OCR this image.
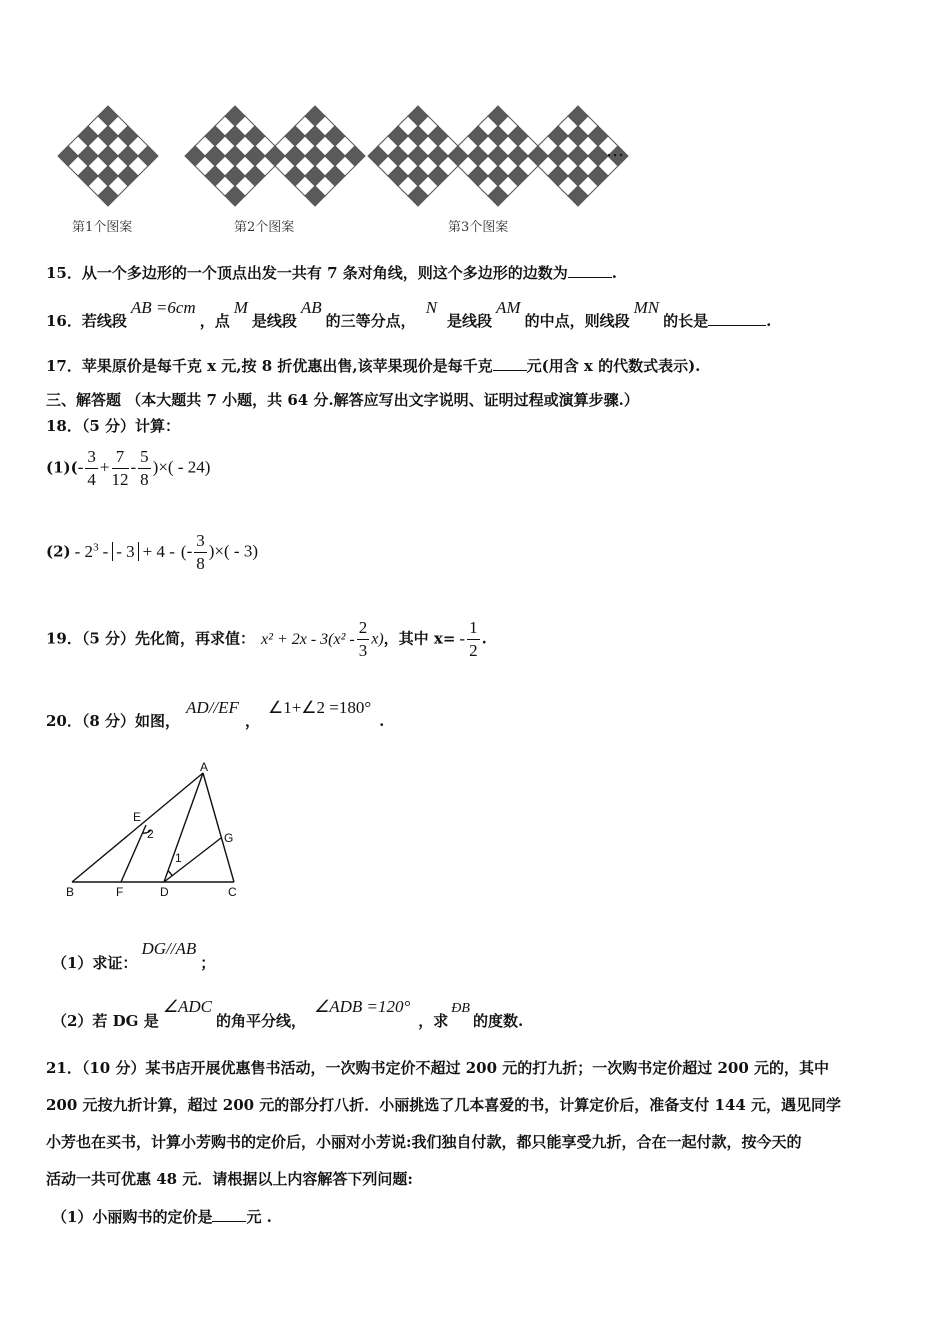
第1个图案	第2个图案	第3个图案
…
15．从一个多边形的一个顶点出发一共有 7 条对角线，则这个多边形的边数为	.
16．若线段AB =6cm，点M是线段AB的三等分点，N是线段AM的中点，则线段MN的长是	.
17．苹果原价是每千克 x 元,按 8 折优惠出售,该苹果现价是每千克 元(用含 x 的代数式表示).
三、解答题 （本大题共 7 小题，共 64 分.解答应写出文字说明、证明过程或演算步骤.）
18．（5 分）计算：
$(1)(- \frac{3}{4} + \frac{7}{12} - \frac{5}{8}$ )×( - 24)
$(2) - 2^3$ - - 3 + 4 - (- $\frac{3}{8}$ )×( - 3)
19．（5 分）先化简，再求值： $x^2 + 2x - 3(x^2 - \frac{2}{3} x)$，其中 $x= - \frac{1}{2}$ .
20．（8 分）如图，AD//EF，∠1+∠2 =180°.
A
B	C
D
E
F
G
2
1
（1）求证：DG//AB；
（2）若 DG 是∠ADC的角平分线，∠ADB =120°，求ÐB的度数.
21．（10 分）某书店开展优惠售书活动，一次购书定价不超过 200 元的打九折；一次购书定价超过 200 元的，其中
200 元按九折计算，超过 200 元的部分打八折．小丽挑选了几本喜爱的书，计算定价后，准备支付 144 元，遇见同学
小芳也在买书，计算小芳购书的定价后，小丽对小芳说:我们独自付款，都只能享受九折，合在一起付款，按今天的
活动一共可优惠 48 元．请根据以上内容解答下列问题:
（1）小丽购书的定价是 元 .
